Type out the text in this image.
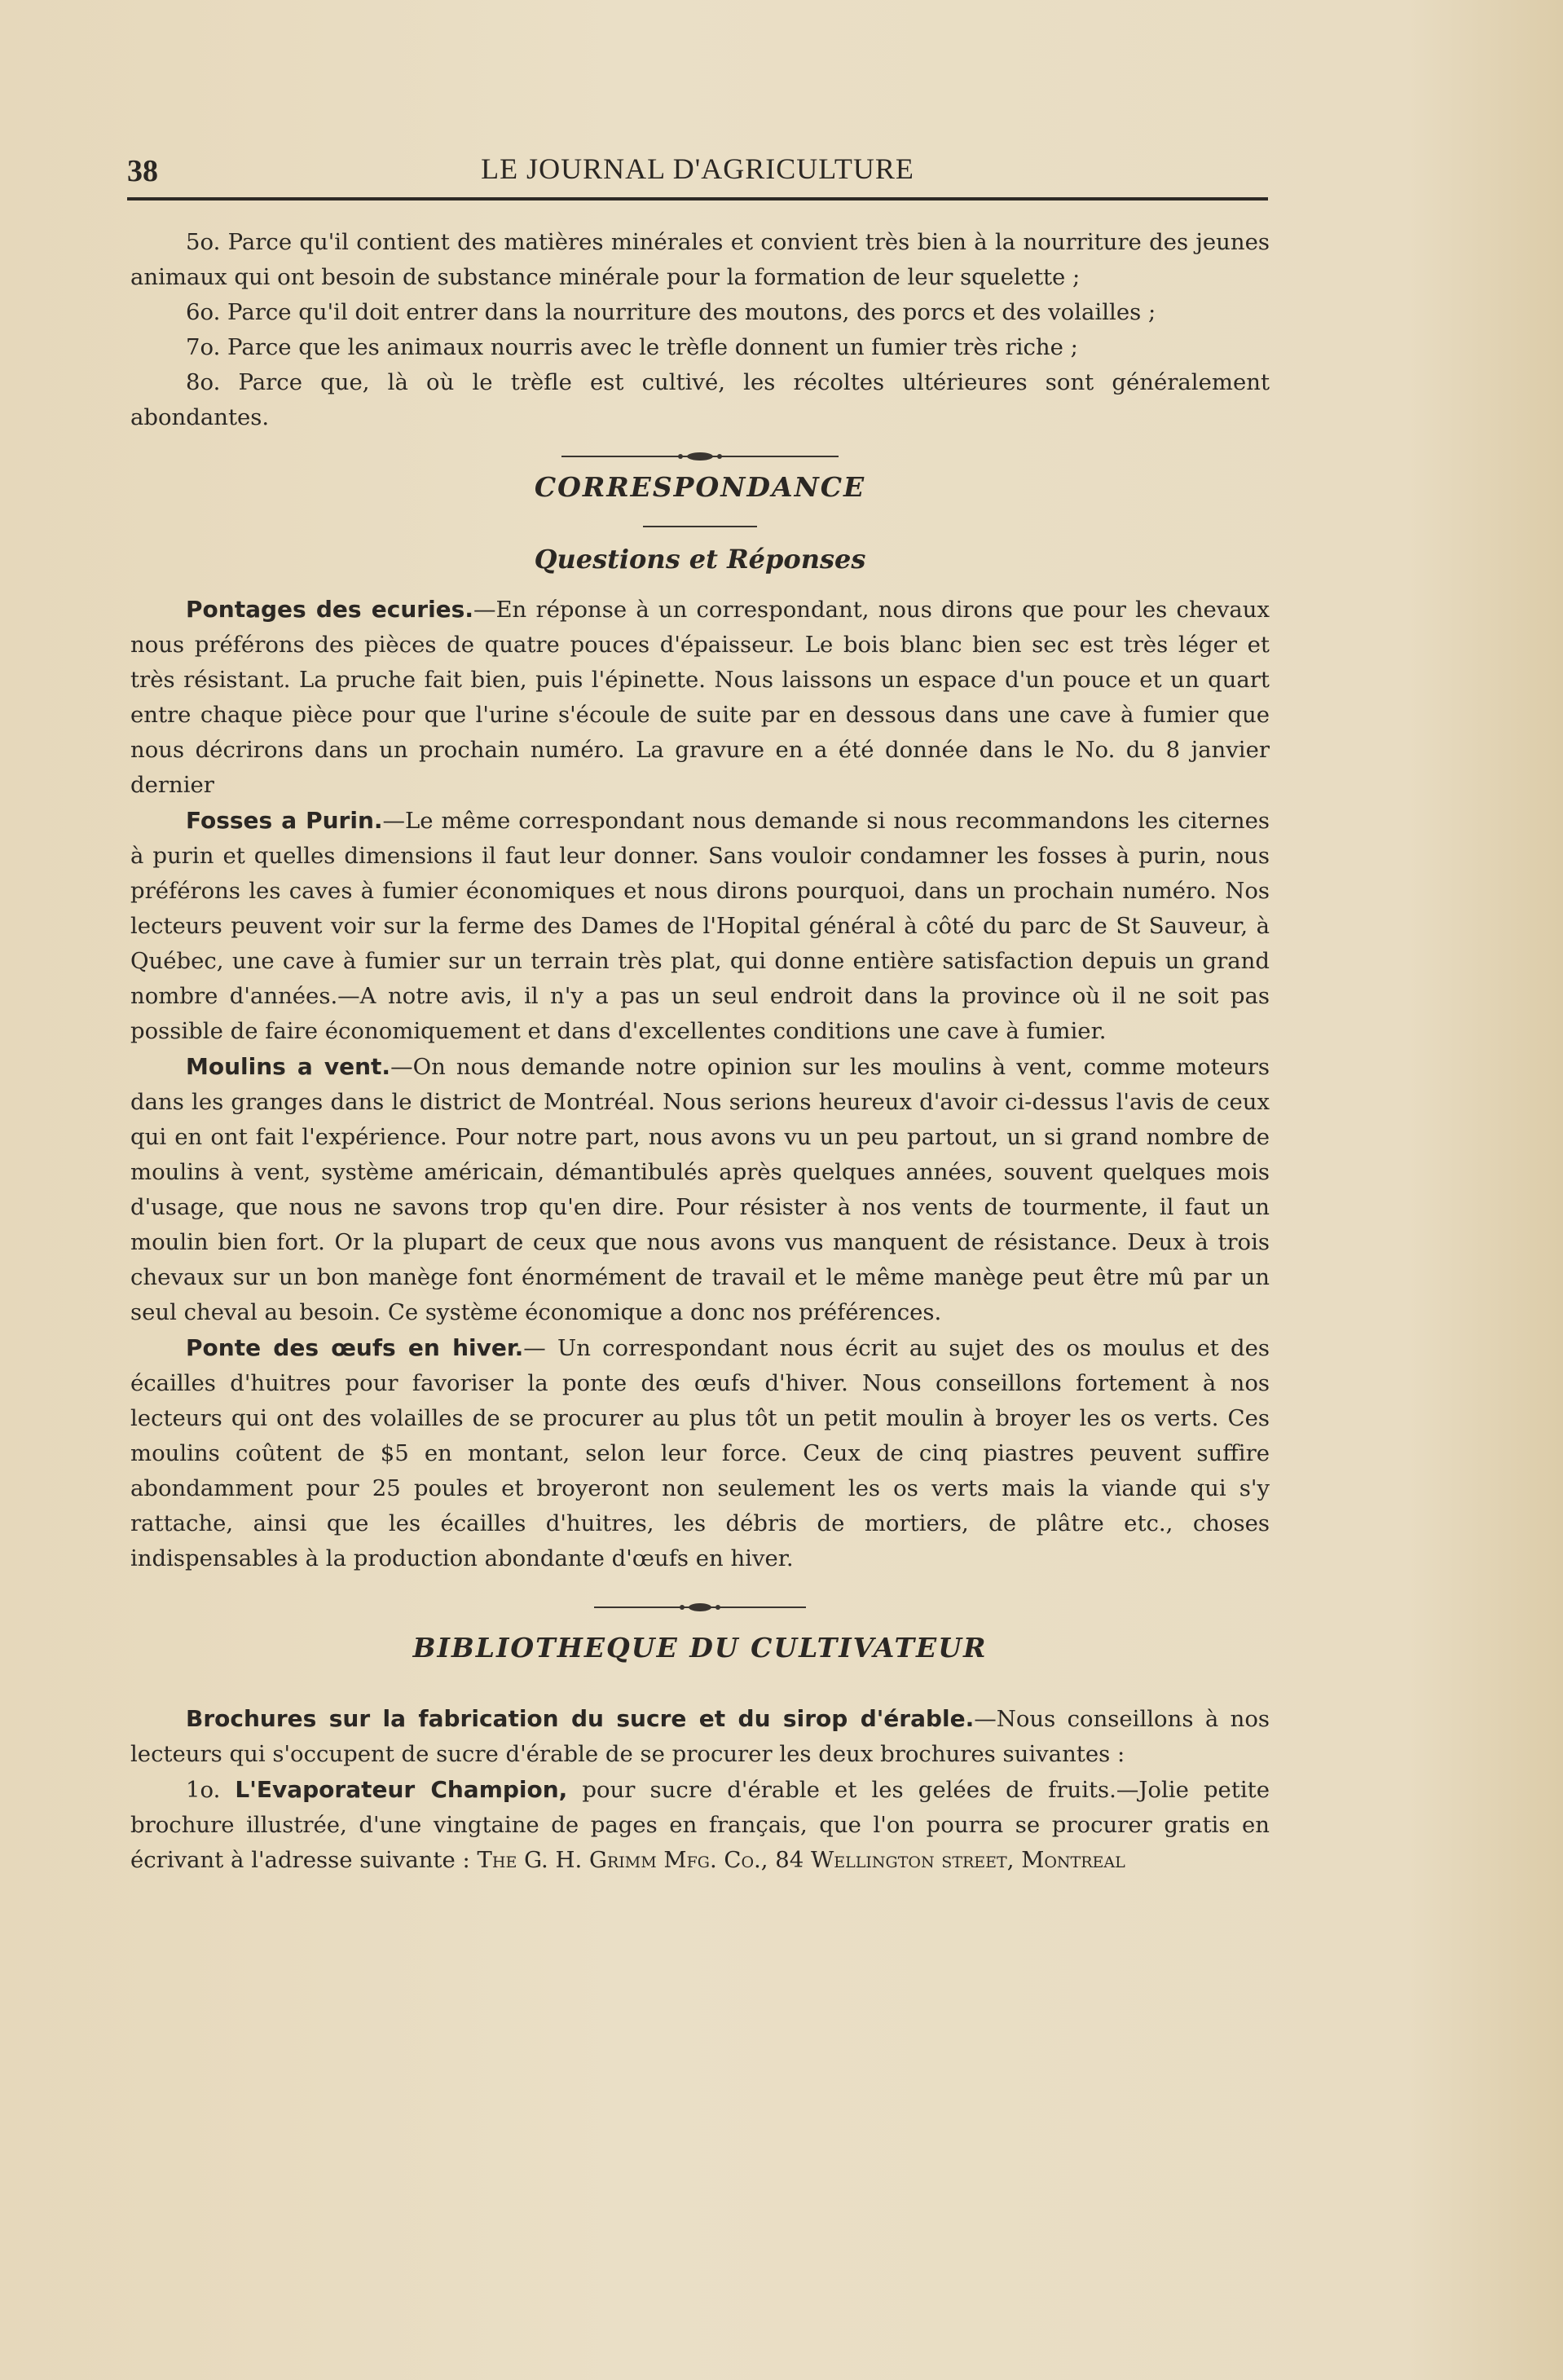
38	LE JOURNAL D'AGRICULTURE

5o. Parce qu'il contient des matières minérales et convient très bien à la nourriture des jeunes animaux qui ont besoin de substance minérale pour la formation de leur squelette ;

6o. Parce qu'il doit entrer dans la nourriture des moutons, des porcs et des volailles ;

7o. Parce que les animaux nourris avec le trèfle donnent un fumier très riche ;

8o. Parce que, là où le trèfle est cultivé, les récoltes ultérieures sont généralement abondantes.

CORRESPONDANCE
Questions et Réponses

Pontages des ecuries.—En réponse à un correspondant, nous dirons que pour les chevaux nous préférons des pièces de quatre pouces d'épaisseur. Le bois blanc bien sec est très léger et très résistant. La pruche fait bien, puis l'épinette. Nous laissons un espace d'un pouce et un quart entre chaque pièce pour que l'urine s'écoule de suite par en dessous dans une cave à fumier que nous décrirons dans un prochain numéro. La gravure en a été donnée dans le No. du 8 janvier dernier

Fosses a Purin.—Le même correspondant nous demande si nous recommandons les citernes à purin et quelles dimensions il faut leur donner. Sans vouloir condamner les fosses à purin, nous préférons les caves à fumier économiques et nous dirons pourquoi, dans un prochain numéro. Nos lecteurs peuvent voir sur la ferme des Dames de l'Hopital général à côté du parc de St Sauveur, à Québec, une cave à fumier sur un terrain très plat, qui donne entière satisfaction depuis un grand nombre d'années.—A notre avis, il n'y a pas un seul endroit dans la province où il ne soit pas possible de faire économiquement et dans d'excellentes conditions une cave à fumier.

Moulins a vent.—On nous demande notre opinion sur les moulins à vent, comme moteurs dans les granges dans le district de Montréal. Nous serions heureux d'avoir ci-dessus l'avis de ceux qui en ont fait l'expérience. Pour notre part, nous avons vu un peu partout, un si grand nombre de moulins à vent, système américain, démantibulés après quelques années, souvent quelques mois d'usage, que nous ne savons trop qu'en dire. Pour résister à nos vents de tourmente, il faut un moulin bien fort. Or la plupart de ceux que nous avons vus manquent de résistance. Deux à trois chevaux sur un bon manège font énormément de travail et le même manège peut être mû par un seul cheval au besoin. Ce système économique a donc nos préférences.

Ponte des œufs en hiver.— Un correspondant nous écrit au sujet des os moulus et des écailles d'huitres pour favoriser la ponte des œufs d'hiver. Nous conseillons fortement à nos lecteurs qui ont des volailles de se procurer au plus tôt un petit moulin à broyer les os verts. Ces moulins coûtent de $5 en montant, selon leur force. Ceux de cinq piastres peuvent suffire abondamment pour 25 poules et broyeront non seulement les os verts mais la viande qui s'y rattache, ainsi que les écailles d'huitres, les débris de mortiers, de plâtre etc., choses indispensables à la production abondante d'œufs en hiver.

BIBLIOTHEQUE DU CULTIVATEUR

Brochures sur la fabrication du sucre et du sirop d'érable.—Nous conseillons à nos lecteurs qui s'occupent de sucre d'érable de se procurer les deux brochures suivantes :

1o. L'Evaporateur Champion, pour sucre d'érable et les gelées de fruits.—Jolie petite brochure illustrée, d'une vingtaine de pages en français, que l'on pourra se procurer gratis en écrivant à l'adresse suivante : The G. H. Grimm Mfg. Co., 84 Wellington street, Montreal
